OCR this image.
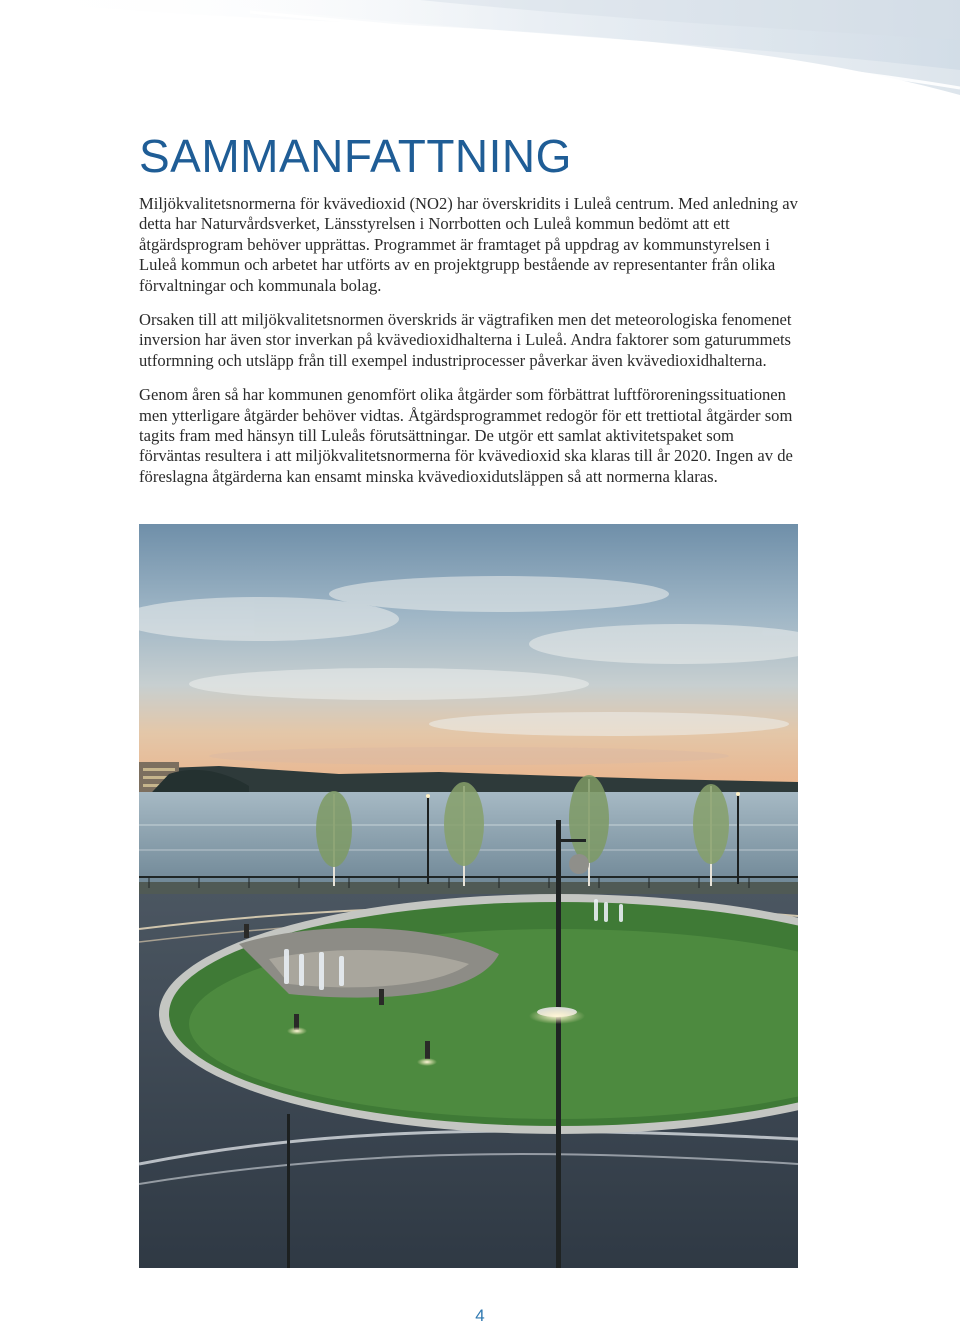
SAMMANFATTNING

Miljökvalitetsnormerna för kvävedioxid (NO2) har överskridits i Luleå centrum. Med anledning av detta har Naturvårdsverket, Länsstyrelsen i Norrbotten och Luleå kommun bedömt att ett åtgärdsprogram behöver upprättas. Programmet är framtaget på uppdrag av kommunstyrelsen i Luleå kommun och arbetet har utförts av en projektgrupp bestående av representanter från olika förvaltningar och kommunala bolag.

Orsaken till att miljökvalitetsnormen överskrids är vägtrafiken men det meteorologiska fenomenet inversion har även stor inverkan på kvävedioxidhalterna i Luleå. Andra faktorer som gaturummets utformning och utsläpp från till exempel industriprocesser påverkar även kvävedioxidhalterna.

Genom åren så har kommunen genomfört olika åtgärder som förbättrat luftföroreningssituationen men ytterligare åtgärder behöver vidtas. Åtgärdsprogrammet redogör för ett trettiotal åtgärder som tagits fram med hänsyn till Luleås förutsättningar. De utgör ett samlat aktivitetspaket som förväntas resultera i att miljökvalitetsnormerna för kvävedioxid ska klaras till år 2020. Ingen av de föreslagna åtgärderna kan ensamt minska kvävedioxidutsläppen så att normerna klaras.

4
